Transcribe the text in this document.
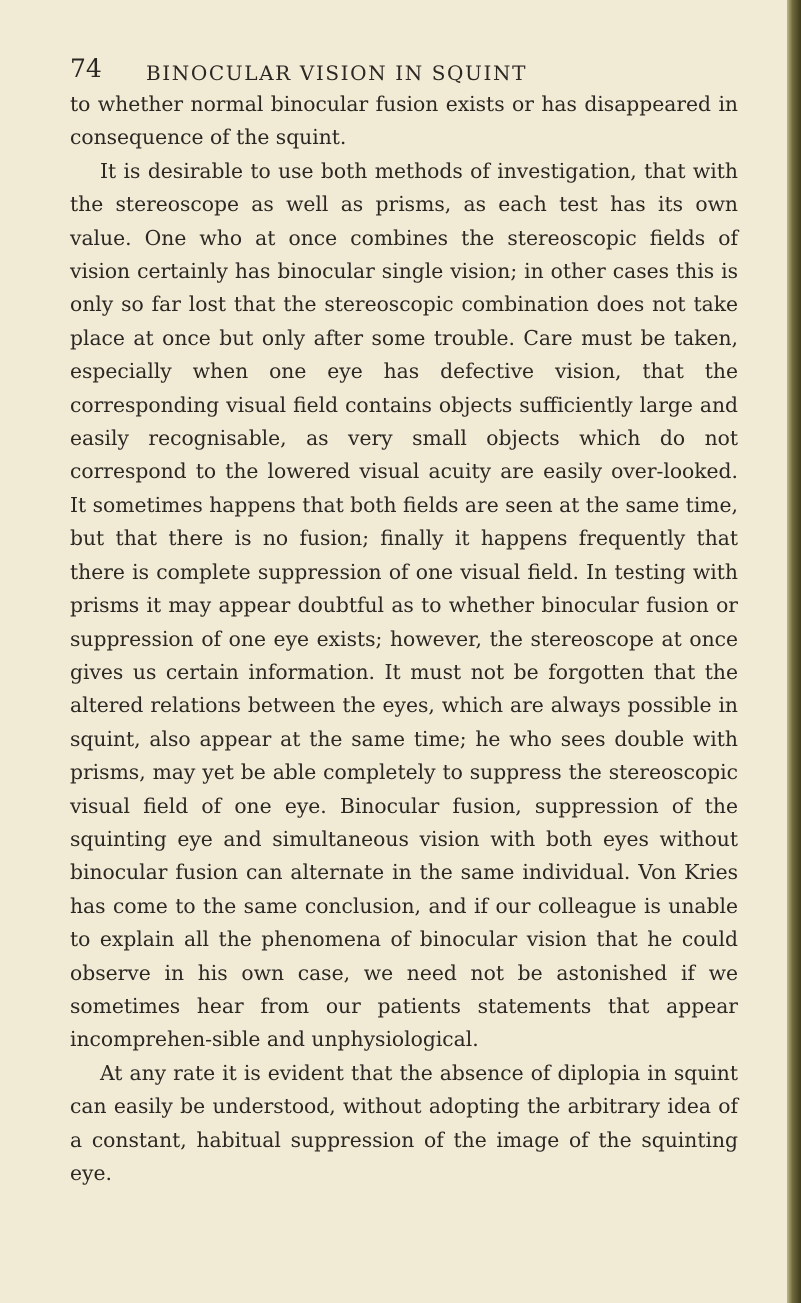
74 BINOCULAR VISION IN SQUINT

to whether normal binocular fusion exists or has disappeared in consequence of the squint.

It is desirable to use both methods of investigation, that with the stereoscope as well as prisms, as each test has its own value. One who at once combines the stereoscopic fields of vision certainly has binocular single vision; in other cases this is only so far lost that the stereoscopic combination does not take place at once but only after some trouble. Care must be taken, especially when one eye has defective vision, that the corresponding visual field contains objects sufficiently large and easily recognisable, as very small objects which do not correspond to the lowered visual acuity are easily over-looked. It sometimes happens that both fields are seen at the same time, but that there is no fusion; finally it happens frequently that there is complete suppression of one visual field. In testing with prisms it may appear doubtful as to whether binocular fusion or suppression of one eye exists; however, the stereoscope at once gives us certain information. It must not be forgotten that the altered relations between the eyes, which are always possible in squint, also appear at the same time; he who sees double with prisms, may yet be able completely to suppress the stereoscopic visual field of one eye. Binocular fusion, suppression of the squinting eye and simultaneous vision with both eyes without binocular fusion can alternate in the same individual. Von Kries has come to the same conclusion, and if our colleague is unable to explain all the phenomena of binocular vision that he could observe in his own case, we need not be astonished if we sometimes hear from our patients statements that appear incomprehen-sible and unphysiological.

At any rate it is evident that the absence of diplopia in squint can easily be understood, without adopting the arbitrary idea of a constant, habitual suppression of the image of the squinting eye.
